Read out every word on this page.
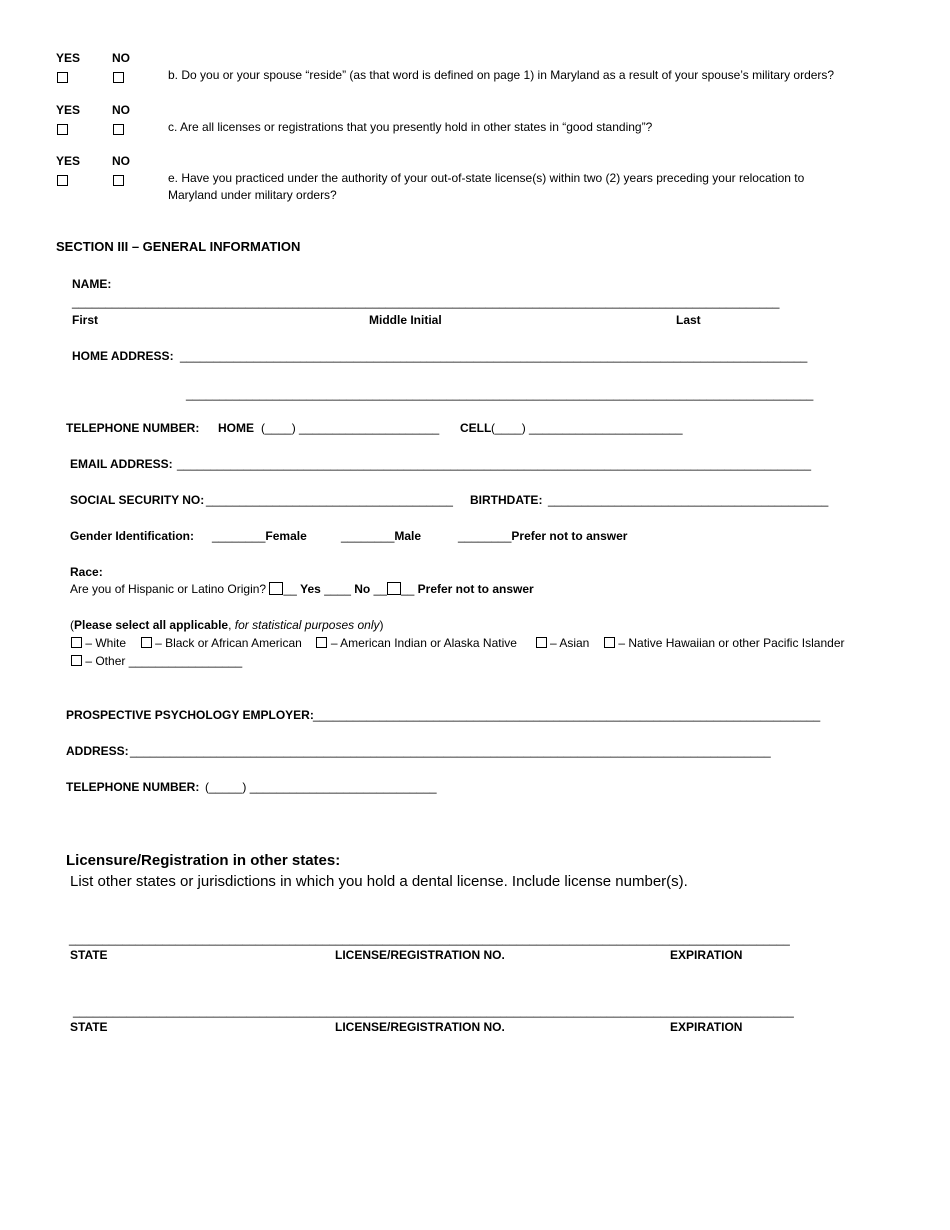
YES	NO
b. Do you or your spouse “reside” (as that word is defined on page 1) in Maryland as a result of your spouse’s military orders?
YES	NO
c. Are all licenses or registrations that you presently hold in other states in “good standing”?
YES	NO
e. Have you practiced under the authority of your out-of-state license(s) within two (2) years preceding your relocation to
Maryland under military orders?
SECTION III – GENERAL INFORMATION
NAME:
__________________________________________________________________________________________________________
First	Middle Initial	Last
HOME ADDRESS: ______________________________________________________________________________________________
______________________________________________________________________________________________
TELEPHONE NUMBER: HOME (____) _____________________ CELL (____) _______________________
EMAIL ADDRESS: _______________________________________________________________________________________________
SOCIAL SECURITY NO: _____________________________________ BIRTHDATE: __________________________________________
Gender Identification: ________Female	________Male	________Prefer not to answer
Race:
Are you of Hispanic or Latino Origin? __ Yes ____ No __ __ Prefer not to answer
(Please select all applicable, for statistical purposes only)
– White – Black or African American – American Indian or Alaska Native	– Asian – Native Hawaiian or other Pacific Islander
– Other _________________
PROSPECTIVE PSYCHOLOGY EMPLOYER: ____________________________________________________________________________
ADDRESS: ________________________________________________________________________________________________
TELEPHONE NUMBER: (_____) ____________________________
Licensure/Registration in other states:
List other states or jurisdictions in which you hold a dental license. Include license number(s).
____________________________________________________________________________________________________________
STATE	LICENSE/REGISTRATION NO.	EXPIRATION
____________________________________________________________________________________________________________
STATE	LICENSE/REGISTRATION NO.	EXPIRATION
